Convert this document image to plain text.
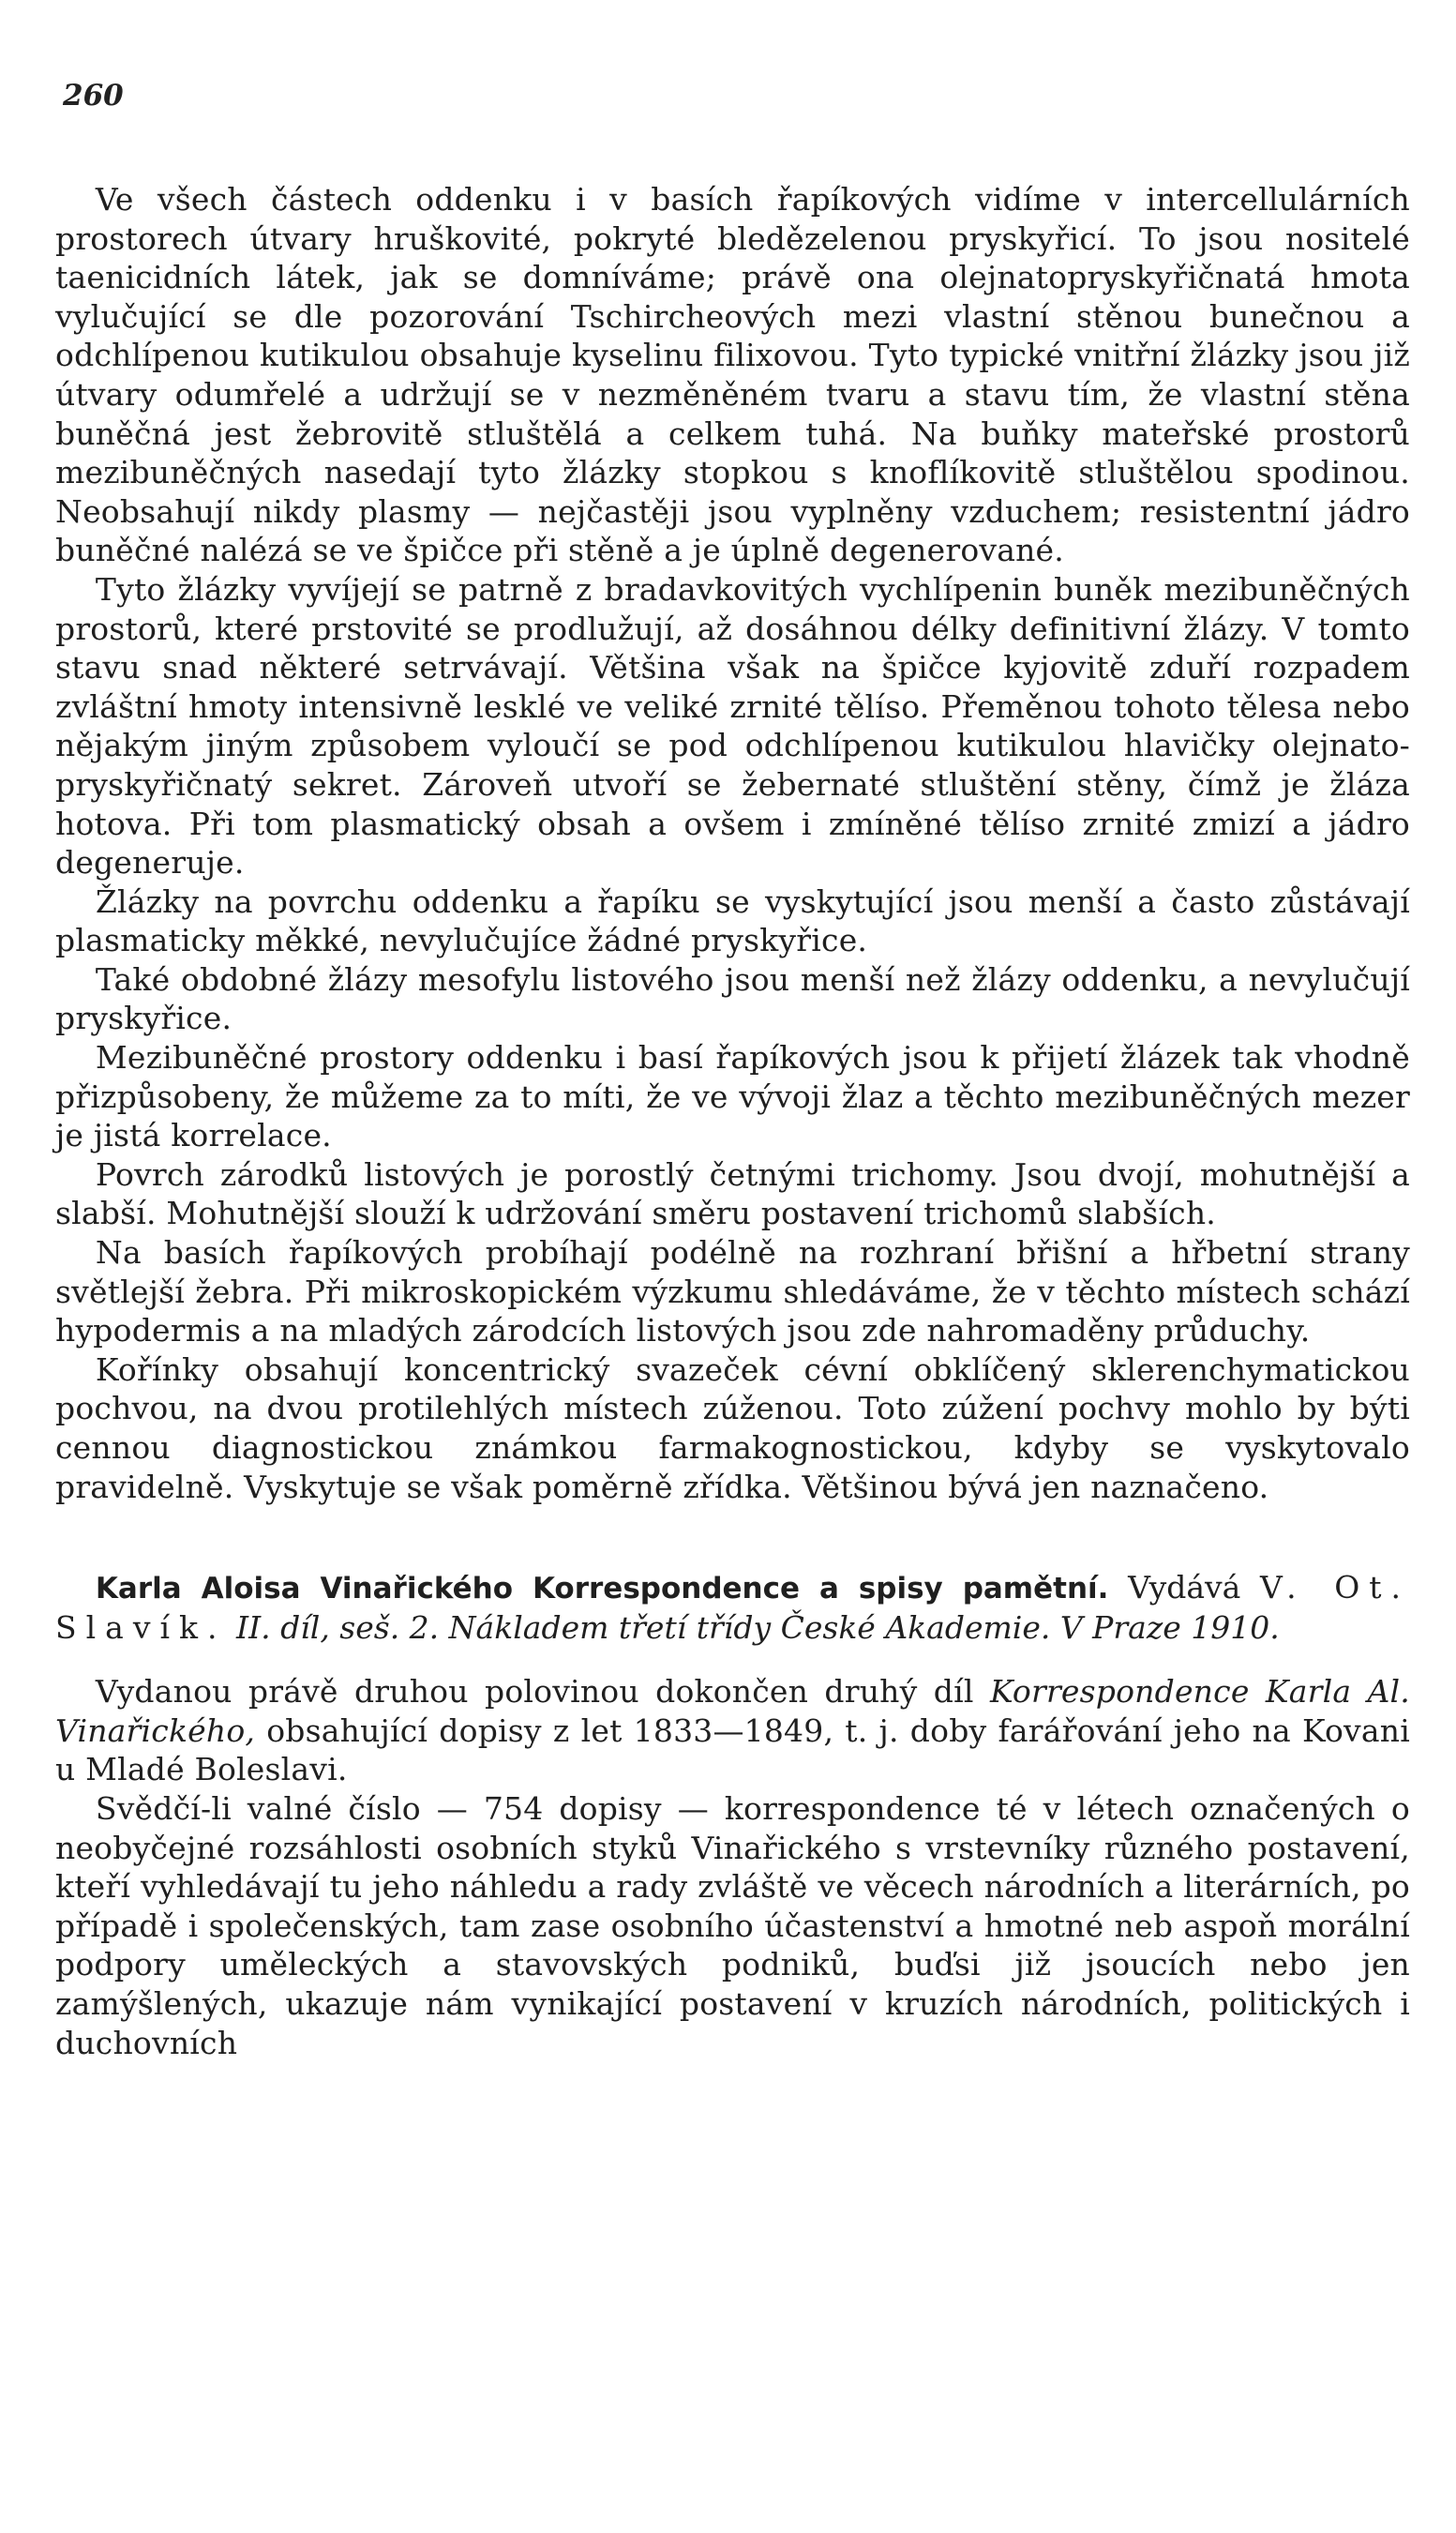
260

Ve všech částech oddenku i v basích řapíkových vidíme v intercellulárních prostorech útvary hruškovité, pokryté bledězelenou pryskyřicí. To jsou nositelé taenicidních látek, jak se domníváme; právě ona olejnatopryskyřičnatá hmota vylučující se dle pozorování Tschircheových mezi vlastní stěnou bunečnou a odchlípenou kutikulou obsahuje kyselinu filixovou. Tyto typické vnitřní žlázky jsou již útvary odumřelé a udržují se v nezměněném tvaru a stavu tím, že vlastní stěna buněčná jest žebrovitě stluštělá a celkem tuhá. Na buňky mateřské prostorů mezibuněčných nasedají tyto žlázky stopkou s knoflíkovitě stluštělou spodinou. Neobsahují nikdy plasmy — nejčastěji jsou vyplněny vzduchem; resistentní jádro buněčné nalézá se ve špičce při stěně a je úplně degenerované.

Tyto žlázky vyvíjejí se patrně z bradavkovitých vychlípenin buněk mezibuněčných prostorů, které prstovité se prodlužují, až dosáhnou délky definitivní žlázy. V tomto stavu snad některé setrvávají. Většina však na špičce kyjovitě zduří rozpadem zvláštní hmoty intensivně lesklé ve veliké zrnité tělíso. Přeměnou tohoto tělesa nebo nějakým jiným způsobem vyloučí se pod odchlípenou kutikulou hlavičky olejnato-pryskyřičnatý sekret. Zároveň utvoří se žebernaté stluštění stěny, čímž je žláza hotova. Při tom plasmatický obsah a ovšem i zmíněné tělíso zrnité zmizí a jádro degeneruje.

Žlázky na povrchu oddenku a řapíku se vyskytující jsou menší a často zůstávají plasmaticky měkké, nevylučujíce žádné pryskyřice.

Také obdobné žlázy mesofylu listového jsou menší než žlázy oddenku, a nevylučují pryskyřice.

Mezibuněčné prostory oddenku i basí řapíkových jsou k přijetí žlázek tak vhodně přizpůsobeny, že můžeme za to míti, že ve vývoji žlaz a těchto mezibuněčných mezer je jistá korrelace.

Povrch zárodků listových je porostlý četnými trichomy. Jsou dvojí, mohutnější a slabší. Mohutnější slouží k udržování směru postavení trichomů slabších.

Na basích řapíkových probíhají podélně na rozhraní břišní a hřbetní strany světlejší žebra. Při mikroskopickém výzkumu shledáváme, že v těchto místech schází hypodermis a na mladých zárodcích listových jsou zde nahromaděny průduchy.

Kořínky obsahují koncentrický svazeček cévní obklíčený sklerenchymatickou pochvou, na dvou protilehlých místech zúženou. Toto zúžení pochvy mohlo by býti cennou diagnostickou známkou farmakognostickou, kdyby se vyskytovalo pravidelně. Vyskytuje se však poměrně zřídka. Většinou bývá jen naznačeno.

Karla Aloisa Vinařického Korrespondence a spisy pamětní. Vydává V. Ot. Slavík. II. díl, seš. 2. Nákladem třetí třídy České Akademie. V Praze 1910.

Vydanou právě druhou polovinou dokončen druhý díl Korrespondence Karla Al. Vinařického, obsahující dopisy z let 1833—1849, t. j. doby farářování jeho na Kovani u Mladé Boleslavi.

Svědčí-li valné číslo — 754 dopisy — korrespondence té v létech označených o neobyčejné rozsáhlosti osobních styků Vinařického s vrstevníky různého postavení, kteří vyhledávají tu jeho náhledu a rady zvláště ve věcech národních a literárních, po případě i společenských, tam zase osobního účastenství a hmotné neb aspoň morální podpory uměleckých a stavovských podniků, buďsi již jsoucích nebo jen zamýšlených, ukazuje nám vynikající postavení v kruzích národních, politických i duchovních
